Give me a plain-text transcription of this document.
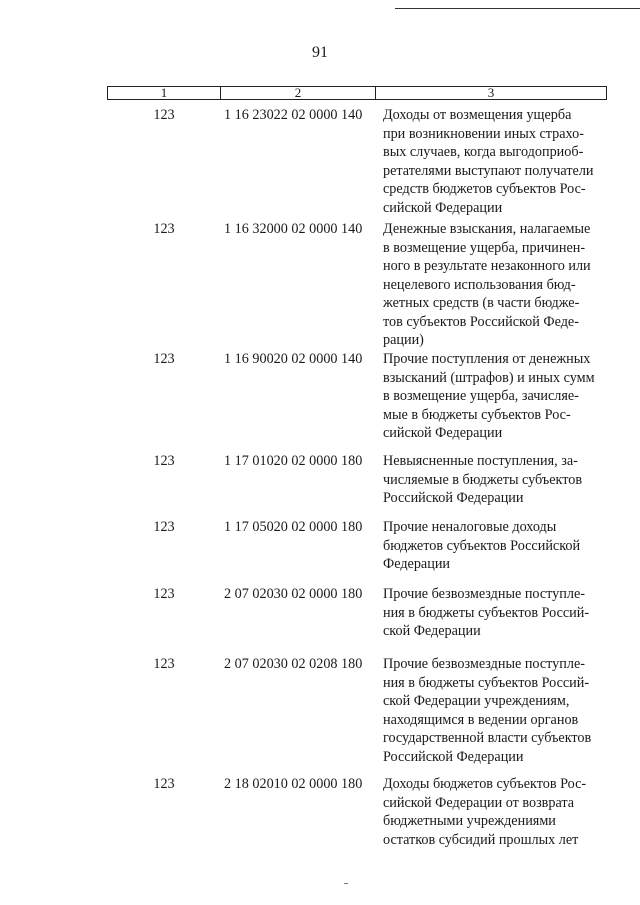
91
1	2	3
123	1 16 23022 02 0000 140	Доходы от возмещения ущерба
при возникновении иных страхо-
вых случаев, когда выгодоприоб-
ретателями выступают получатели
средств бюджетов субъектов Рос-
сийской Федерации
123	1 16 32000 02 0000 140	Денежные взыскания, налагаемые
в возмещение ущерба, причинен-
ного в результате незаконного или
нецелевого использования бюд-
жетных средств (в части бюдже-
тов субъектов Российской Феде-
рации)
123	1 16 90020 02 0000 140	Прочие поступления от денежных
взысканий (штрафов) и иных сумм
в возмещение ущерба, зачисляе-
мые в бюджеты субъектов Рос-
сийской Федерации
123	1 17 01020 02 0000 180	Невыясненные поступления, за-
числяемые в бюджеты субъектов
Российской Федерации
123	1 17 05020 02 0000 180	Прочие неналоговые доходы
бюджетов субъектов Российской
Федерации
123	2 07 02030 02 0000 180	Прочие безвозмездные поступле-
ния в бюджеты субъектов Россий-
ской Федерации
123	2 07 02030 02 0208 180	Прочие безвозмездные поступле-
ния в бюджеты субъектов Россий-
ской Федерации учреждениям,
находящимся в ведении органов
государственной власти субъектов
Российской Федерации
123	2 18 02010 02 0000 180	Доходы бюджетов субъектов Рос-
сийской Федерации от возврата
бюджетными учреждениями
остатков субсидий прошлых лет
